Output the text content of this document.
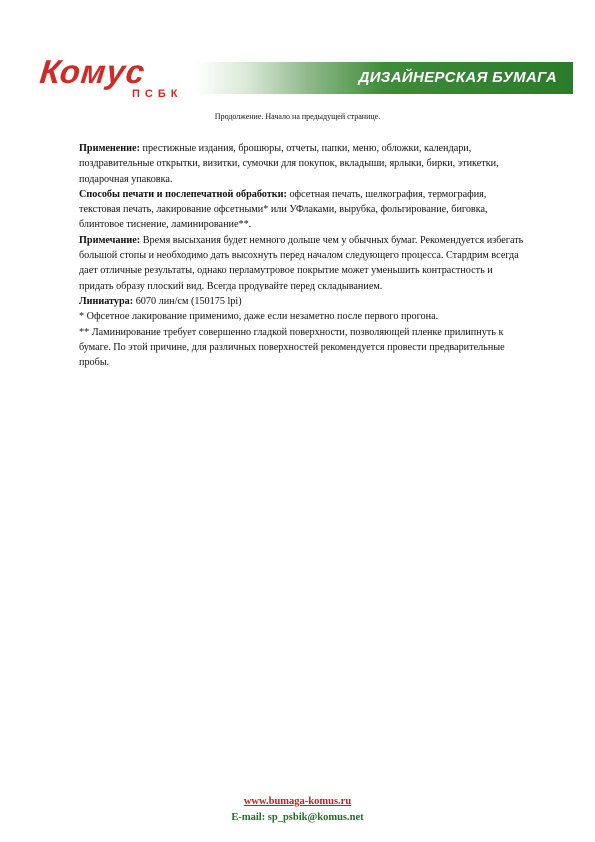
Комус
ПСБК
ДИЗАЙНЕРСКАЯ БУМАГА
Продолжение. Начало на предыдущей странице.

Применение: престижные издания, брошюры, отчеты, папки, меню, обложки, календари, поздравительные открытки, визитки, сумочки для покупок, вкладыши, ярлыки, бирки, этикетки, подарочная упаковка.

Способы печати и послепечатной обработки: офсетная печать, шелкография, термография, текстовая печать, лакирование офсетными* или УФлаками, вырубка, фольгирование, биговка, блинтовое тиснение, ламинирование**.

Примечание: Время высыхания будет немного дольше чем у обычных бумаг. Рекомендуется избегать большой стопы и необходимо дать высохнуть перед началом следующего процесса. Стардрим всегда дает отличные результаты, однако перламутровое покрытие может уменьшить контрастность и придать образу плоский вид. Всегда продувайте перед складыванием.

Линиатура: 6070 лин/см (150175 lpi)

* Офсетное лакирование применимо, даже если незаметно после первого прогона.

** Ламинирование требует совершенно гладкой поверхности, позволяющей пленке прилипнуть к бумаге. По этой причине, для различных поверхностей рекомендуется провести предварительные пробы.

www.bumaga-komus.ru
E-mail: sp_psbik@komus.net
